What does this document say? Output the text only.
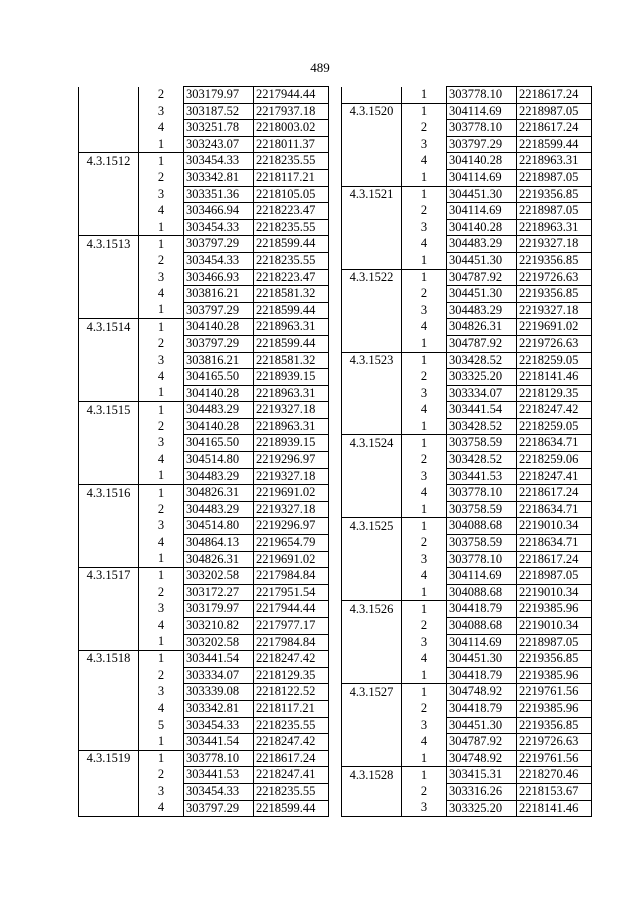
489
	2	303179.97	2217944.44
	3	303187.52	2217937.18
	4	303251.78	2218003.02
	1	303243.07	2218011.37
4.3.1512	1	303454.33	2218235.55
	2	303342.81	2218117.21
	3	303351.36	2218105.05
	4	303466.94	2218223.47
	1	303454.33	2218235.55
4.3.1513	1	303797.29	2218599.44
	2	303454.33	2218235.55
	3	303466.93	2218223.47
	4	303816.21	2218581.32
	1	303797.29	2218599.44
4.3.1514	1	304140.28	2218963.31
	2	303797.29	2218599.44
	3	303816.21	2218581.32
	4	304165.50	2218939.15
	1	304140.28	2218963.31
4.3.1515	1	304483.29	2219327.18
	2	304140.28	2218963.31
	3	304165.50	2218939.15
	4	304514.80	2219296.97
	1	304483.29	2219327.18
4.3.1516	1	304826.31	2219691.02
	2	304483.29	2219327.18
	3	304514.80	2219296.97
	4	304864.13	2219654.79
	1	304826.31	2219691.02
4.3.1517	1	303202.58	2217984.84
	2	303172.27	2217951.54
	3	303179.97	2217944.44
	4	303210.82	2217977.17
	1	303202.58	2217984.84
4.3.1518	1	303441.54	2218247.42
	2	303334.07	2218129.35
	3	303339.08	2218122.52
	4	303342.81	2218117.21
	5	303454.33	2218235.55
	1	303441.54	2218247.42
4.3.1519	1	303778.10	2218617.24
	2	303441.53	2218247.41
	3	303454.33	2218235.55
	4	303797.29	2218599.44
	1	303778.10	2218617.24
4.3.1520	1	304114.69	2218987.05
	2	303778.10	2218617.24
	3	303797.29	2218599.44
	4	304140.28	2218963.31
	1	304114.69	2218987.05
4.3.1521	1	304451.30	2219356.85
	2	304114.69	2218987.05
	3	304140.28	2218963.31
	4	304483.29	2219327.18
	1	304451.30	2219356.85
4.3.1522	1	304787.92	2219726.63
	2	304451.30	2219356.85
	3	304483.29	2219327.18
	4	304826.31	2219691.02
	1	304787.92	2219726.63
4.3.1523	1	303428.52	2218259.05
	2	303325.20	2218141.46
	3	303334.07	2218129.35
	4	303441.54	2218247.42
	1	303428.52	2218259.05
4.3.1524	1	303758.59	2218634.71
	2	303428.52	2218259.06
	3	303441.53	2218247.41
	4	303778.10	2218617.24
	1	303758.59	2218634.71
4.3.1525	1	304088.68	2219010.34
	2	303758.59	2218634.71
	3	303778.10	2218617.24
	4	304114.69	2218987.05
	1	304088.68	2219010.34
4.3.1526	1	304418.79	2219385.96
	2	304088.68	2219010.34
	3	304114.69	2218987.05
	4	304451.30	2219356.85
	1	304418.79	2219385.96
4.3.1527	1	304748.92	2219761.56
	2	304418.79	2219385.96
	3	304451.30	2219356.85
	4	304787.92	2219726.63
	1	304748.92	2219761.56
4.3.1528	1	303415.31	2218270.46
	2	303316.26	2218153.67
	3	303325.20	2218141.46
